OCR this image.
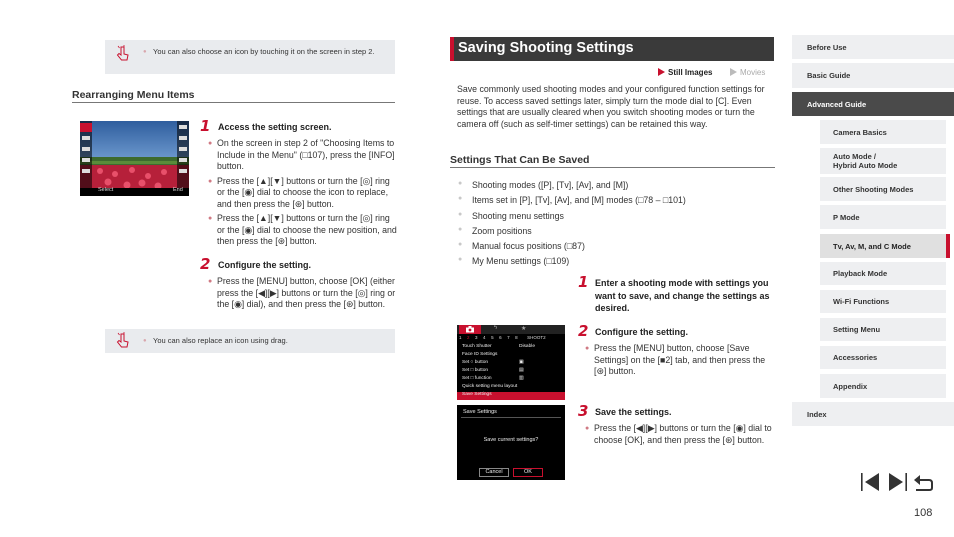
● You can also choose an icon by touching it on the screen in step 2.
Rearranging Menu Items
Select	End
1 Access the setting screen.
● On the screen in step 2 of "Choosing Items to Include in the Menu" (□107), press the [INFO] button.
● Press the [▲][▼] buttons or turn the [◎] ring or the [◉] dial to choose the icon to replace, and then press the [⊛] button.
● Press the [▲][▼] buttons or turn the [◎] ring or the [◉] dial to choose the new position, and then press the [⊛] button.
2 Configure the setting.
● Press the [MENU] button, choose [OK] (either press the [◀][▶] buttons or turn the [◎] ring or the [◉] dial), and then press the [⊛] button.
● You can also replace an icon using drag.
Saving Shooting Settings
Still Images	Movies
Save commonly used shooting modes and your configured function settings for reuse. To access saved settings later, simply turn the mode dial to [C]. Even settings that are usually cleared when you switch shooting modes or turn the camera off (such as self-timer settings) can be retained this way.
Settings That Can Be Saved
● Shooting modes ([P], [Tv], [Av], and [M])
● Items set in [P], [Tv], [Av], and [M] modes (□78 – □101)
● Shooting menu settings
● Zoom positions
● Manual focus positions (□87)
● My Menu settings (□109)
1 Enter a shooting mode with settings you want to save, and change the settings as desired.
ϟ	★
1 2 3 4 5 6 7 8 SHOOT2
Touch Shutter	Disable
Face ID Settings
Set ○ button	▣
Set □ button	▤
Set □ function	▥
Quick setting menu layout
Save Settings
2 Configure the setting.
● Press the [MENU] button, choose [Save Settings] on the [■2] tab, and then press the [⊛] button.
Save Settings
Save current settings?
Cancel	OK
3 Save the settings.
● Press the [◀][▶] buttons or turn the [◉] dial to choose [OK], and then press the [⊛] button.
Before Use
Basic Guide
Advanced Guide
Camera Basics
Auto Mode /
Hybrid Auto Mode
Other Shooting Modes
P Mode
Tv, Av, M, and C Mode
Playback Mode
Wi-Fi Functions
Setting Menu
Accessories
Appendix
Index
108
